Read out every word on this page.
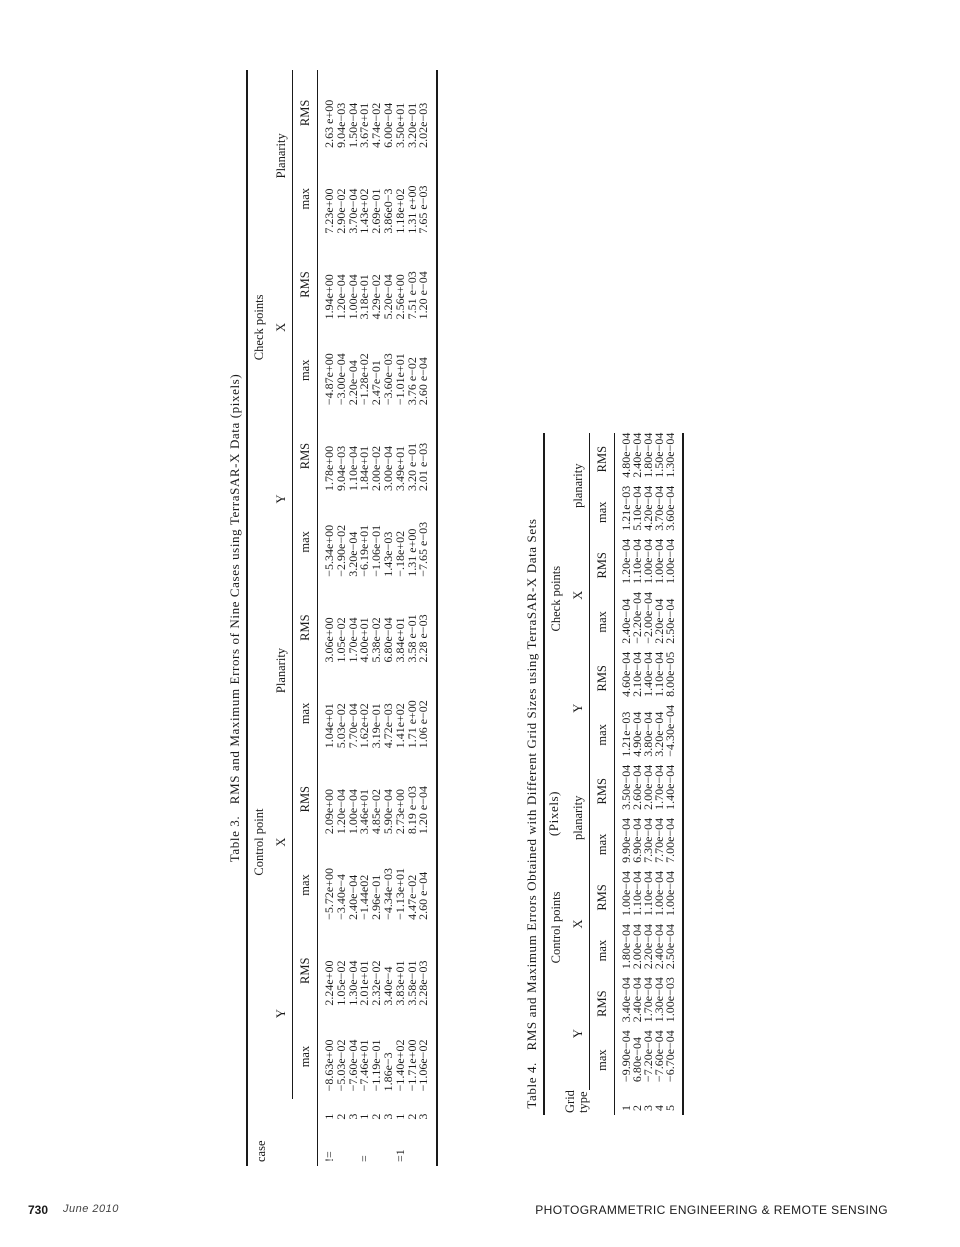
Table 3.   RMS and Maximum Errors of Nine Cases using TerraSAR-X Data (pixels)
case		Control point						Check points					
		Y		X		Planarity		Y		X		Planarity	
		max	RMS	max	RMS	max	RMS	max	RMS	max	RMS	max	RMS

!=	1	−8.63e+00	2.24e+00	−5.72e+00	2.09e+00	1.04e+01	3.06e+00	−5.34e+00	1.78e+00	−4.87e+00	1.94e+00	7.23e+00	2.63 e+00
	2	−5.03e−02	1.05e−02	−3.40e−4	1.20e−04	5.03e−02	1.05e−02	−2.90e−02	9.04e−03	−3.00e−04	1.20e−04	2.90e−02	9.04e−03
	3	−7.60e−04	1.30e−04	2.40e−04	1.00e−04	7.70e−04	1.70e−04	3.20e−04	1.10e−04	2.20e−04	1.00e−04	3.70e−04	1.50e−04
=	1	−7.46e+01	2.01e+01	−1.44e02	3.46e+01	1.62e+02	4.00e+01	−6.19e+01	1.84e+01	−1.28e+02	3.18e+01	1.43e+02	3.67e+01
	2	−1.19e−01	2.32e−02	2.96e−01	4.85e−02	3.19e−01	5.38e−02	−1.06e−01	2.00e−02	2.47e−01	4.29e−02	2.69e−01	4.74e−02
	3	1.86e−3	3.40e−4	−4.34e−03	5.90e−04	4.72e−03	6.80e−04	1.43e−03	3.00e−04	−3.60e−03	5.20e−04	3.86e0−3	6.00e−04
=1	1	−1.40e+02	3.83e+01	−1.13e+01	2.73e+00	1.41e+02	3.84e+01	−.18e+02	3.49e+01	−1.01e+01	2.56e+00	1.18e+02	3.50e+01
	2	−1.71e+00	3.58e−01	4.47e−02	8.19 e−03	1.71 e+00	3.58 e−01	1.31 e+00	3.20 e−01	3.76 e−02	7.51 e−03	1.31 e+00	3.20e−01
	3	−1.06e−02	2.28e−03	2.60 e−04	1.20 e−04	1.06 e−02	2.28 e−03	−7.65 e−03	2.01 e−03	2.60 e−04	1.20 e−04	7.65 e−03	2.02e−03

Table 4.   RMS and Maximum Errors Obtained with Different Grid Sizes using TerraSAR-X Data Sets (Pixels)
Grid
type	Control points						Check points					
	Y		X		planarity		Y		X		planarity	
	max	RMS	max	RMS	max	RMS	max	RMS	max	RMS	max	RMS

1	−9.90e−04	3.40e−04	1.80e−04	1.00e−04	9.90e−04	3.50e−04	1.21e−03	4.60e−04	2.40e−04	1.20e−04	1.21e−03	4.80e−04
2	6.80e−04	2.40e−04	2.00e−04	1.10e−04	6.90e−04	2.60e−04	4.90e−04	2.10e−04	−2.20e−04	1.10e−04	5.10e−04	2.40e−04
3	−7.20e−04	1.70e−04	2.20e−04	1.10e−04	7.30e−04	2.00e−04	3.80e−04	1.40e−04	−2.00e−04	1.00e−04	4.20e−04	1.80e−04
4	−7.60e−04	1.30e−04	2.40e−04	1.00e−04	7.70e−04	1.70e−04	3.20e−04	1.10e−04	2.20e−04	1.00e−04	3.70e−04	1.50e−04
5	−6.70e−04	1.00e−03	2.50e−04	1.00e−04	7.00e−04	1.40e−04	−4.30e−04	8.00e−05	2.50e−04	1.00e−04	3.60e−04	1.30e−04

730 June 2010	PHOTOGRAMMETRIC ENGINEERING & REMOTE SENSING
